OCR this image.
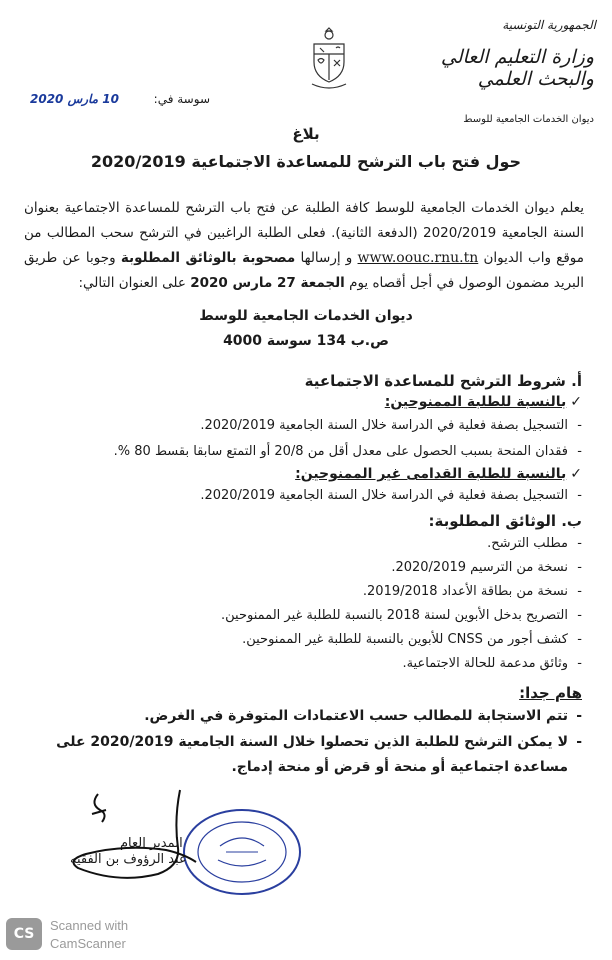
الجمهورية التونسية
وزارة التعليم العالي
والبحث العلمي
ديوان الخدمات الجامعية للوسط
سوسة في:
10 مارس 2020
بلاغ
حول فتح باب الترشح للمساعدة الاجتماعية 2020/2019

يعلم ديوان الخدمات الجامعية للوسط كافة الطلبة عن فتح باب الترشح للمساعدة الاجتماعية بعنوان السنة الجامعية 2020/2019 (الدفعة الثانية). فعلى الطلبة الراغبين في الترشح سحب المطالب من موقع واب الديوان www.oouc.rnu.tn و إرسالها مصحوبة بالوثائق المطلوبة وجوبا عن طريق البريد مضمون الوصول في أجل أقصاه يوم الجمعة 27 مارس 2020 على العنوان التالي:

ديوان الخدمات الجامعية للوسط
ص.ب 134 سوسة 4000
أ. شروط الترشح للمساعدة الاجتماعية
✓بالنسبة للطلبة الممنوحين:
- التسجيل بصفة فعلية في الدراسة خلال السنة الجامعية 2020/2019.
- فقدان المنحة بسبب الحصول على معدل أقل من 20/8 أو التمتع سابقا بقسط 80 %.
✓بالنسبة للطلبة القدامى غير الممنوحين:
- التسجيل بصفة فعلية في الدراسة خلال السنة الجامعية 2020/2019.
ب. الوثائق المطلوبة:
- مطلب الترشح.
- نسخة من الترسيم 2020/2019.
- نسخة من بطاقة الأعداد 2019/2018.
- التصريح بدخل الأبوين لسنة 2018 بالنسبة للطلبة غير الممنوحين.
- كشف أجور من CNSS للأبوين بالنسبة للطلبة غير الممنوحين.
- وثائق مدعمة للحالة الاجتماعية.
هام جدا:
- تتم الاستجابة للمطالب حسب الاعتمادات المتوفرة في الغرض.
- لا يمكن الترشح للطلبة الذين تحصلوا خلال السنة الجامعية 2020/2019 على مساعدة اجتماعية أو منحة أو قرض أو منحة إدماج.
المدير العام
عبد الرؤوف بن الفقيه
CS
Scanned with
CamScanner
